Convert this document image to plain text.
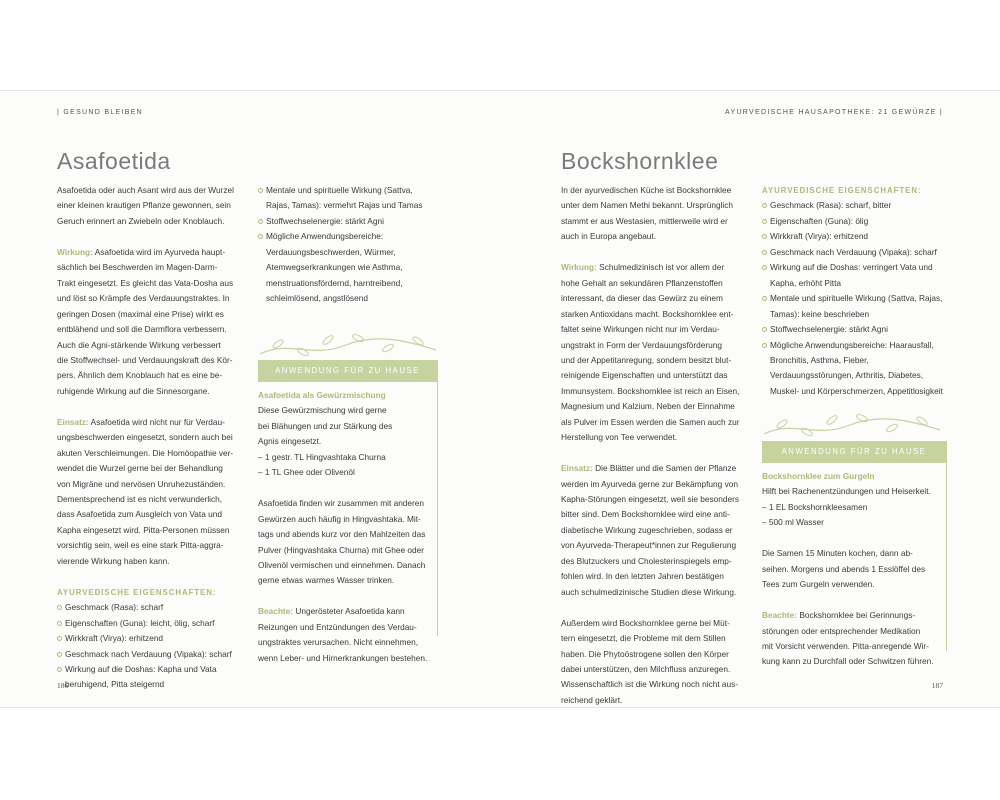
| GESUND BLEIBEN
Asafoetida
Asafoetida oder auch Asant wird aus der Wurzel
einer kleinen krautigen Pflanze gewonnen, sein
Geruch erinnert an Zwiebeln oder Knoblauch.
Wirkung: Asafoetida wird im Ayurveda haupt-
sächlich bei Beschwerden im Magen-Darm-
Trakt eingesetzt. Es gleicht das Vata-Dosha aus
und löst so Krämpfe des Verdauungstraktes. In
geringen Dosen (maximal eine Prise) wirkt es
entblähend und soll die Darmflora verbessern.
Auch die Agni-stärkende Wirkung verbessert
die Stoffwechsel- und Verdauungskraft des Kör-
pers. Ähnlich dem Knoblauch hat es eine be-
ruhigende Wirkung auf die Sinnesorgane.
Einsatz: Asafoetida wird nicht nur für Verdau-
ungsbeschwerden eingesetzt, sondern auch bei
akuten Verschleimungen. Die Homöopathie ver-
wendet die Wurzel gerne bei der Behandlung
von Migräne und nervösen Unruhezuständen.
Dementsprechend ist es nicht verwunderlich,
dass Asafoetida zum Ausgleich von Vata und
Kapha eingesetzt wird. Pitta-Personen müssen
vorsichtig sein, weil es eine stark Pitta-aggra-
vierende Wirkung haben kann.
AYURVEDISCHE EIGENSCHAFTEN:
Geschmack (Rasa): scharf
Eigenschaften (Guna): leicht, ölig, scharf
Wirkkraft (Virya): erhitzend
Geschmack nach Verdauung (Vipaka): scharf
Wirkung auf die Doshas: Kapha und Vata beruhigend, Pitta steigernd
Mentale und spirituelle Wirkung (Sattva, Rajas, Tamas): vermehrt Rajas und Tamas
Stoffwechselenergie: stärkt Agni
Mögliche Anwendungsbereiche: Verdauungsbeschwerden, Würmer, Atemwegserkrankungen wie Asthma, menstruationsfördernd, harntreibend, schleimlösend, angstlösend
ANWENDUNG FÜR ZU HAUSE
Asafoetida als Gewürzmischung
Diese Gewürzmischung wird gerne
bei Blähungen und zur Stärkung des
Agnis eingesetzt.
– 1 gestr. TL Hingvashtaka Churna
– 1 TL Ghee oder Olivenöl
Asafoetida finden wir zusammen mit anderen
Gewürzen auch häufig in Hingvashtaka. Mit-
tags und abends kurz vor den Mahlzeiten das
Pulver (Hingvashtaka Churna) mit Ghee oder
Olivenöl vermischen und einnehmen. Danach
gerne etwas warmes Wasser trinken.
Beachte: Ungerösteter Asafoetida kann
Reizungen und Entzündungen des Verdau-
ungstraktes verursachen. Nicht einnehmen,
wenn Leber- und Hirnerkrankungen bestehen.
186
AYURVEDISCHE HAUSAPOTHEKE: 21 GEWÜRZE |
Bockshornklee
In der ayurvedischen Küche ist Bockshornklee
unter dem Namen Methi bekannt. Ursprünglich
stammt er aus Westasien, mittlerweile wird er
auch in Europa angebaut.
Wirkung: Schulmedizinisch ist vor allem der
hohe Gehalt an sekundären Pflanzenstoffen
interessant, da dieser das Gewürz zu einem
starken Antioxidans macht. Bockshornklee ent-
faltet seine Wirkungen nicht nur im Verdau-
ungstrakt in Form der Verdauungsförderung
und der Appetitanregung, sondern besitzt blut-
reinigende Eigenschaften und unterstützt das
Immunsystem. Bockshornklee ist reich an Eisen,
Magnesium und Kalzium. Neben der Einnahme
als Pulver im Essen werden die Samen auch zur
Herstellung von Tee verwendet.
Einsatz: Die Blätter und die Samen der Pflanze
werden im Ayurveda gerne zur Bekämpfung von
Kapha-Störungen eingesetzt, weil sie besonders
bitter sind. Dem Bockshornklee wird eine anti-
diabetische Wirkung zugeschrieben, sodass er
von Ayurveda-Therapeut*innen zur Regulierung
des Blutzuckers und Cholesterinspiegels emp-
fohlen wird. In den letzten Jahren bestätigen
auch schulmedizinische Studien diese Wirkung.
Außerdem wird Bockshornklee gerne bei Müt-
tern eingesetzt, die Probleme mit dem Stillen
haben. Die Phytoöstrogene sollen den Körper
dabei unterstützen, den Milchfluss anzuregen.
Wissenschaftlich ist die Wirkung noch nicht aus-
reichend geklärt.
AYURVEDISCHE EIGENSCHAFTEN:
Geschmack (Rasa): scharf, bitter
Eigenschaften (Guna): ölig
Wirkkraft (Virya): erhitzend
Geschmack nach Verdauung (Vipaka): scharf
Wirkung auf die Doshas: verringert Vata und Kapha, erhöht Pitta
Mentale und spirituelle Wirkung (Sattva, Rajas, Tamas): keine beschrieben
Stoffwechselenergie: stärkt Agni
Mögliche Anwendungsbereiche: Haarausfall, Bronchitis, Asthma, Fieber, Verdauungsstörungen, Arthritis, Diabetes, Muskel- und Körperschmerzen, Appetitlosigkeit
ANWENDUNG FÜR ZU HAUSE
Bockshornklee zum Gurgeln
Hilft bei Rachenentzündungen und Heiserkeit.
– 1 EL Bockshornkleesamen
– 500 ml Wasser
Die Samen 15 Minuten kochen, dann ab-
seihen. Morgens und abends 1 Esslöffel des
Tees zum Gurgeln verwenden.
Beachte: Bockshornklee bei Gerinnungs-
störungen oder entsprechender Medikation
mit Vorsicht verwenden. Pitta-anregende Wir-
kung kann zu Durchfall oder Schwitzen führen.
187
